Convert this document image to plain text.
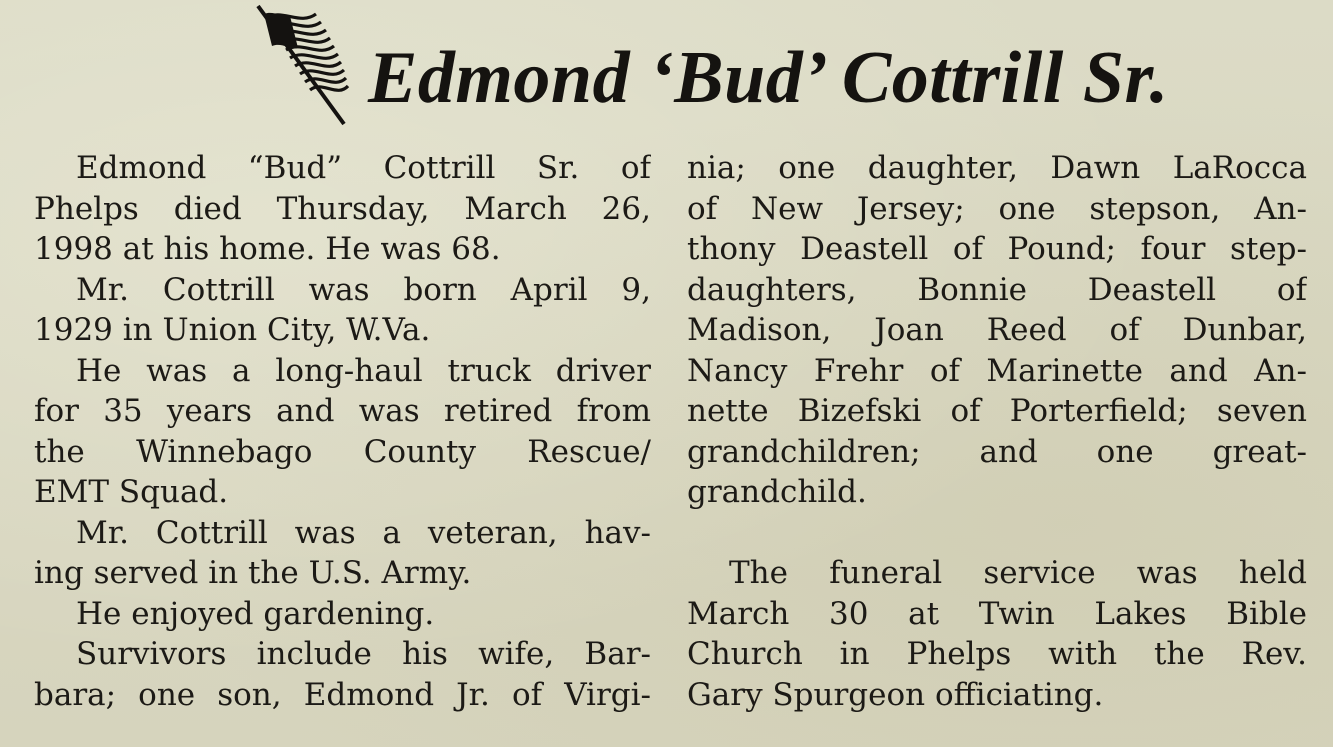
Edmond ‘Bud’ Cottrill Sr.
Edmond “Bud” Cottrill Sr. of
Phelps died Thursday, March 26,
1998 at his home. He was 68.
Mr. Cottrill was born April 9,
1929 in Union City, W.Va.
He was a long-haul truck driver
for 35 years and was retired from
the Winnebago County Rescue/
EMT Squad.
Mr. Cottrill was a veteran, hav-
ing served in the U.S. Army.
He enjoyed gardening.
Survivors include his wife, Bar-
bara; one son, Edmond Jr. of Virgi-
nia; one daughter, Dawn LaRocca
of New Jersey; one stepson, An-
thony Deastell of Pound; four step-
daughters, Bonnie Deastell of
Madison, Joan Reed of Dunbar,
Nancy Frehr of Marinette and An-
nette Bizefski of Porterfield; seven
grandchildren; and one great-
grandchild.
The funeral service was held
March 30 at Twin Lakes Bible
Church in Phelps with the Rev.
Gary Spurgeon officiating.
